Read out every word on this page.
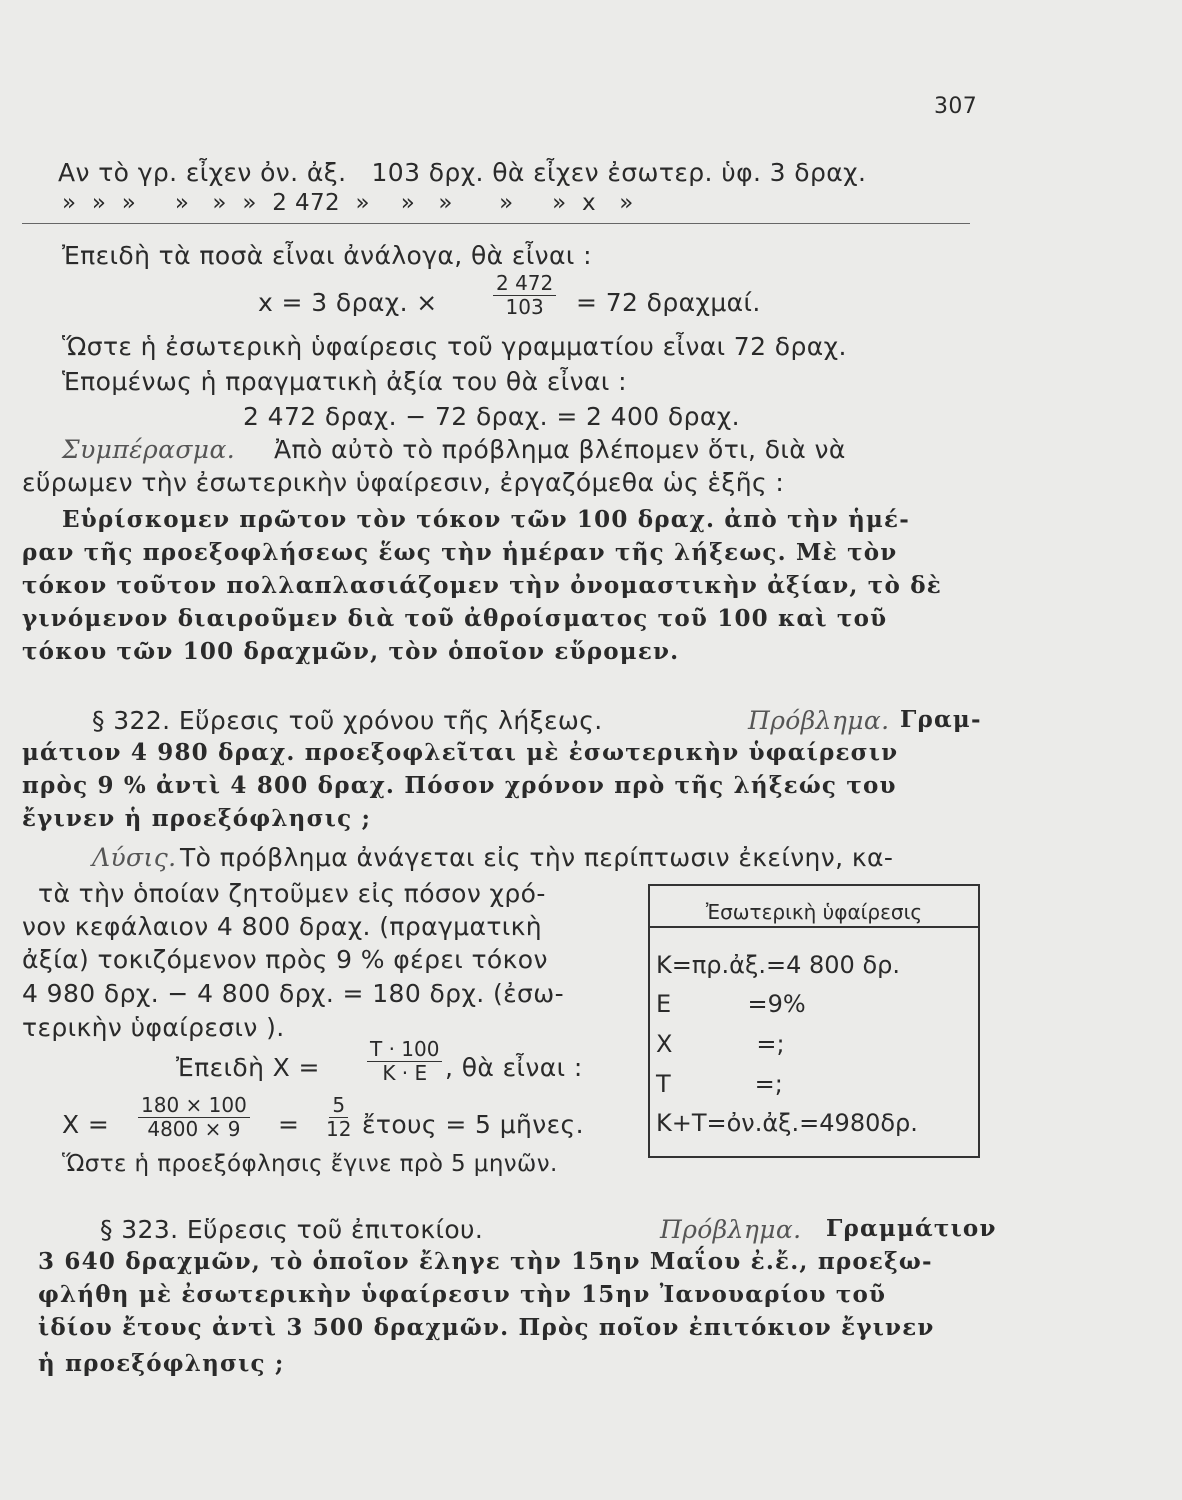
307
Αν τὸ γρ. εἶχεν ὀν. ἀξ.   103 δρχ. θὰ εἶχεν ἐσωτερ. ὑφ. 3 δραχ.
»  »  »     »   »  »  2 472  »    »   »      »     »  x   »
Ἐπειδὴ τὰ ποσὰ εἶναι ἀνάλογα, θὰ εἶναι :
x = 3 δραχ. ×	$\frac{2 472}{103} = 72$ δραχμαί.
Ὥστε ἡ ἐσωτερικὴ ὑφαίρεσις τοῦ γραμματίου εἶναι 72 δραχ.
Ἑπομένως ἡ πραγματικὴ ἀξία του θὰ εἶναι :
2 472 δραχ. − 72 δραχ. = 2 400 δραχ.
Συμπέρασμα. Ἀπὸ αὐτὸ τὸ πρόβλημα βλέπομεν ὅτι, διὰ νὰ
εὕρωμεν τὴν ἐσωτερικὴν ὑφαίρεσιν, ἐργαζόμεθα ὡς ἑξῆς :
Εὑρίσκομεν πρῶτον τὸν τόκον τῶν 100 δραχ. ἀπὸ τὴν ἡμέ-
ραν τῆς προεξοφλήσεως ἕως τὴν ἡμέραν τῆς λήξεως. Μὲ τὸν
τόκον τοῦτον πολλαπλασιάζομεν τὴν ὀνομαστικὴν ἀξίαν, τὸ δὲ
γινόμενον διαιροῦμεν διὰ τοῦ ἀθροίσματος τοῦ 100 καὶ τοῦ
τόκου τῶν 100 δραχμῶν, τὸν ὁποῖον εὕρομεν.
§ 322. Εὕρεσις τοῦ χρόνου τῆς λήξεως.	Πρόβλημα. Γραμ-
μάτιον 4 980 δραχ. προεξοφλεῖται μὲ ἐσωτερικὴν ὑφαίρεσιν
πρὸς 9 % ἀντὶ 4 800 δραχ. Πόσον χρόνον πρὸ τῆς λήξεώς του
ἔγινεν ἡ προεξόφλησις ;
Λύσις. Τὸ πρόβλημα ἀνάγεται εἰς τὴν περίπτωσιν ἐκείνην, κα-
τὰ τὴν ὁποίαν ζητοῦμεν εἰς πόσον χρό-
νον κεφάλαιον 4 800 δραχ. (πραγματικὴ
ἀξία) τοκιζόμενον πρὸς 9 % φέρει τόκον
4 980 δρχ. − 4 800 δρχ. = 180 δρχ. (ἐσω-
τερικὴν ὑφαίρεσιν ).
Ἐπειδὴ $X = \frac{T \cdot 100}{K \cdot E}$ , θὰ εἶναι :
$X = \frac{180 \times 100}{4800 \times 9} = \frac{5}{12}$ ἔτους = 5 μῆνες.
Ὥστε ἡ προεξόφλησις ἔγινε πρὸ 5 μηνῶν.
Ἐσωτερικὴ ὑφαίρεσις
K=πρ.ἀξ.=4 800 δρ.
E          =9%
X           =;
T           =;
K+T=ὀν.ἀξ.=4980δρ.
§ 323. Εὕρεσις τοῦ ἐπιτοκίου.	Πρόβλημα. Γραμμάτιον
3 640 δραχμῶν, τὸ ὁποῖον ἔληγε τὴν 15ην Μαΐου ἐ.ἔ., προεξω-
φλήθη μὲ ἐσωτερικὴν ὑφαίρεσιν τὴν 15ην Ἰανουαρίου τοῦ
ἰδίου ἔτους ἀντὶ 3 500 δραχμῶν. Πρὸς ποῖον ἐπιτόκιον ἔγινεν
ἡ προεξόφλησις ;
